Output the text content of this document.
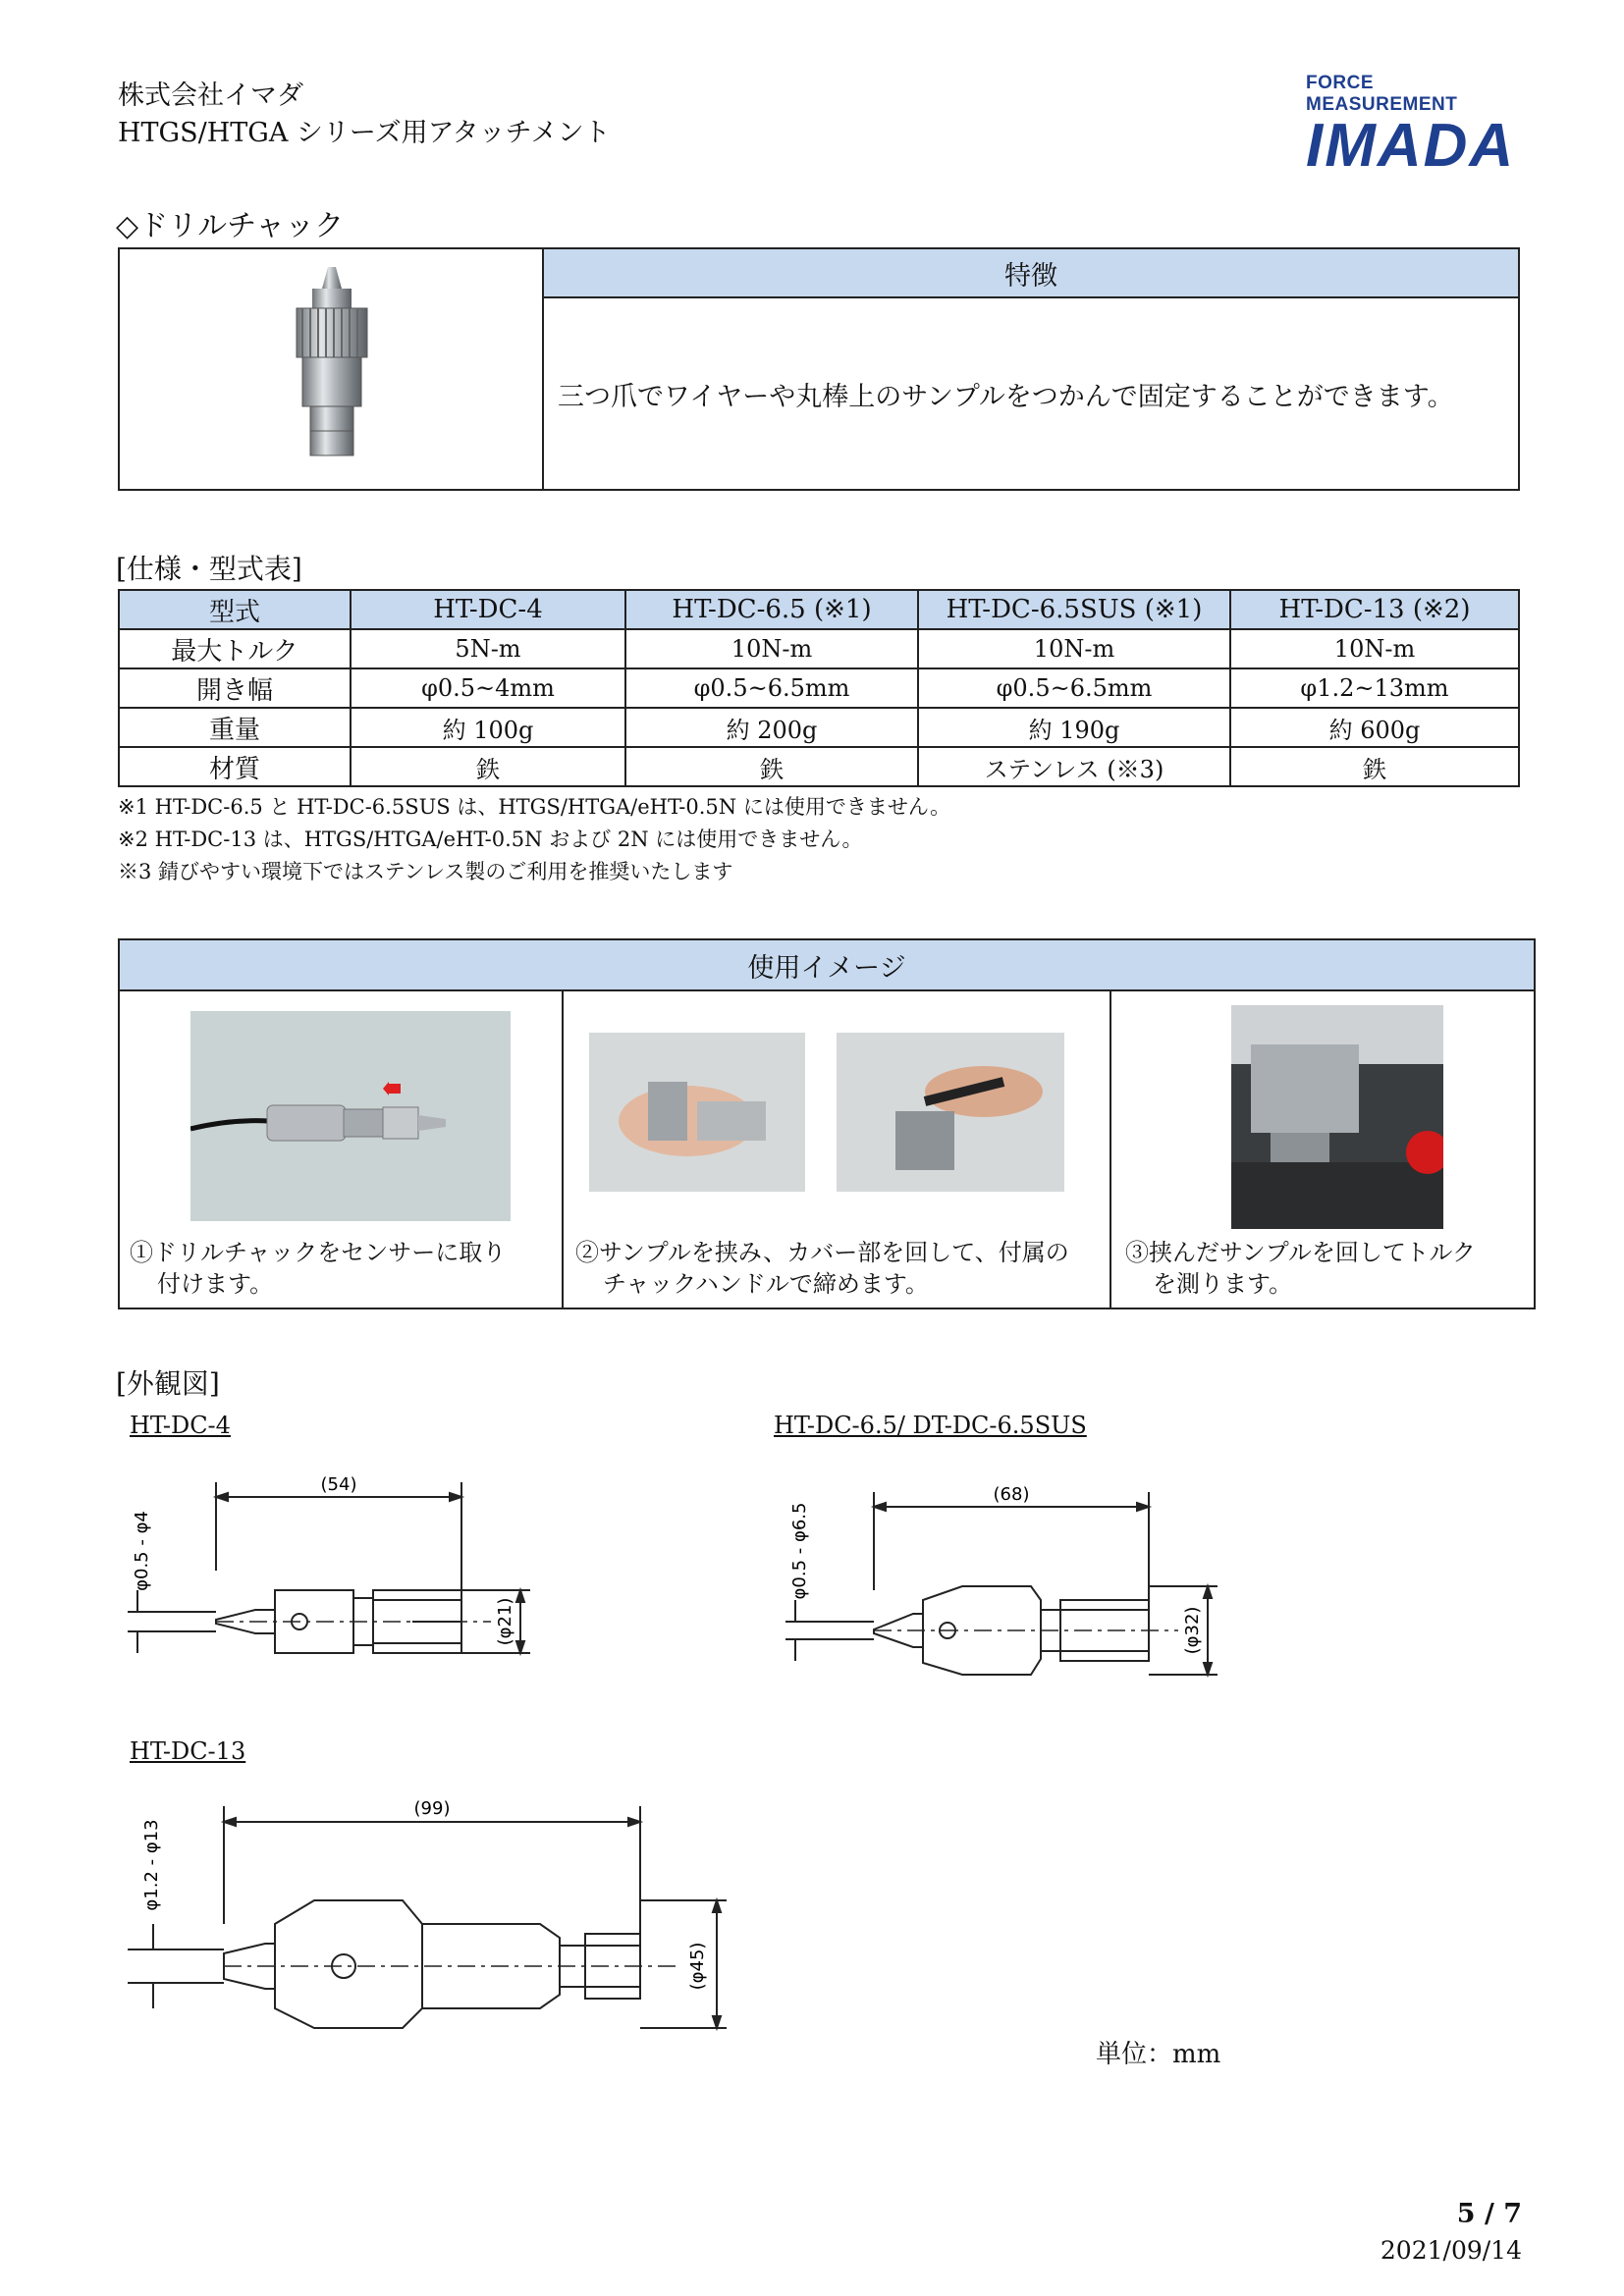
株式会社イマダ
HTGS/HTGA シリーズ用アタッチメント
FORCE MEASUREMENT
IMADA
◇ドリルチャック
	特徴
三つ爪でワイヤーや丸棒上のサンプルをつかんで固定することができます。
[仕様・型式表]
型式	HT-DC-4	HT-DC-6.5 (※1)	HT-DC-6.5SUS (※1)	HT-DC-13 (※2)
最大トルク	5N-m	10N-m	10N-m	10N-m
開き幅	φ0.5~4mm	φ0.5~6.5mm	φ0.5~6.5mm	φ1.2~13mm
重量	約 100g	約 200g	約 190g	約 600g
材質	鉄	鉄	ステンレス (※3)	鉄
※1 HT-DC-6.5 と HT-DC-6.5SUS は、HTGS/HTGA/eHT-0.5N には使用できません。
※2 HT-DC-13 は、HTGS/HTGA/eHT-0.5N および 2N には使用できません。
※3 錆びやすい環境下ではステンレス製のご利用を推奨いたします
使用イメージ

①ドリルチャックをセンサーに取り
付けます。

②サンプルを挟み、カバー部を回して、付属の
チャックハンドルで締めます。

③挟んだサンプルを回してトルク
を測ります。
[外観図]
HT-DC-4	HT-DC-6.5/ DT-DC-6.5SUS
HT-DC-13
(54)
φ0.5 - φ4
(φ21)
(68)
φ0.5 - φ6.5
(φ32)
(99)
φ1.2 - φ13
(φ45)
単位：mm
5 / 7
2021/09/14
